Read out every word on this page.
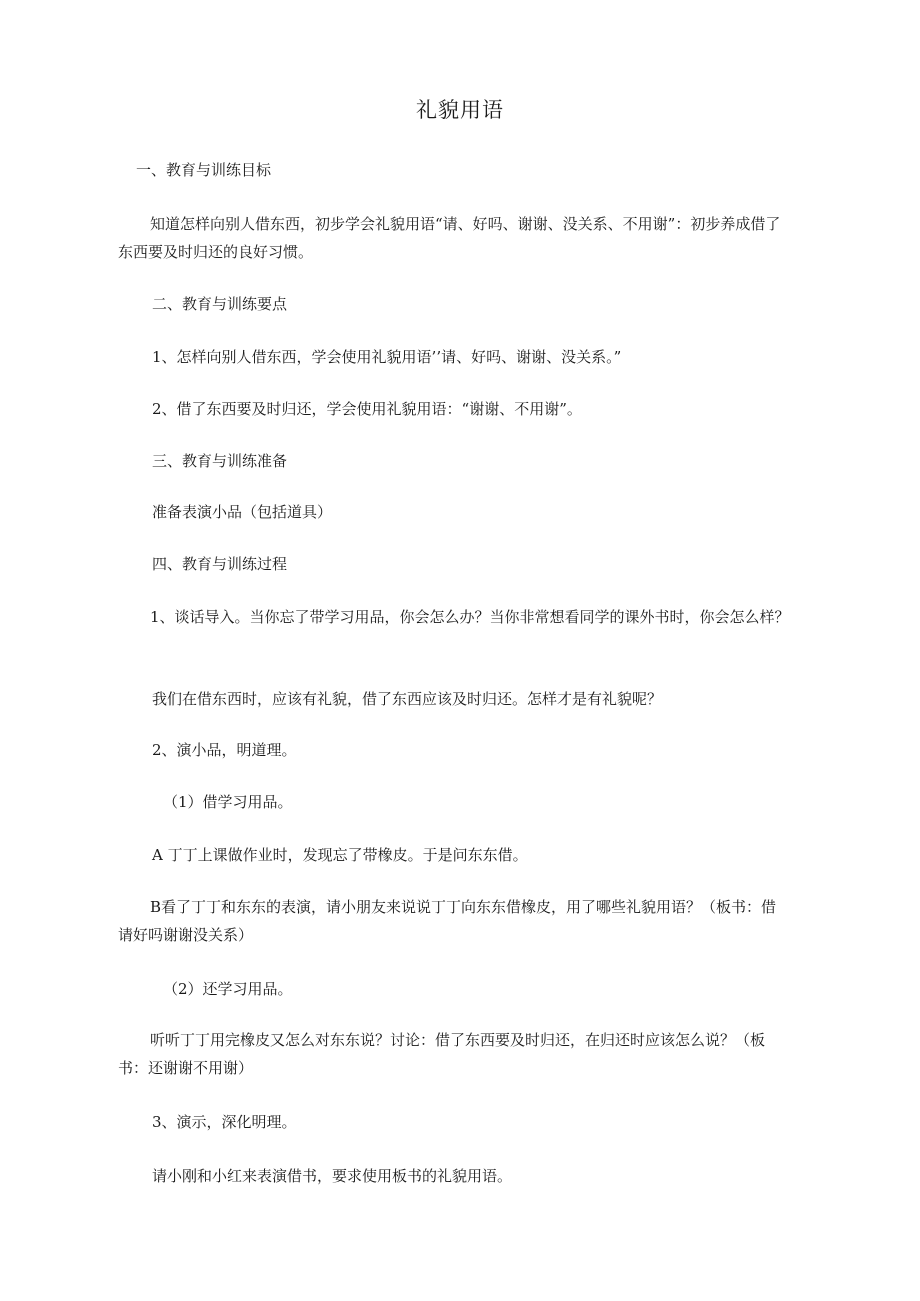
礼貌用语
一、教育与训练目标
知道怎样向别人借东西，初步学会礼貌用语“请、好吗、谢谢、没关系、不用谢”：初步养成借了东西要及时归还的良好习惯。
二、教育与训练要点
1、怎样向别人借东西，学会使用礼貌用语’’请、好吗、谢谢、没关系。”
2、借了东西要及时归还，学会使用礼貌用语：“谢谢、不用谢”。
三、教育与训练准备
准备表演小品（包括道具）
四、教育与训练过程
1、谈话导入。当你忘了带学习用品，你会怎么办？当你非常想看同学的课外书时，你会怎么样？
我们在借东西时，应该有礼貌，借了东西应该及时归还。怎样才是有礼貌呢？
2、演小品，明道理。
（1）借学习用品。
A 丁丁上课做作业时，发现忘了带橡皮。于是问东东借。
B看了丁丁和东东的表演，请小朋友来说说丁丁向东东借橡皮，用了哪些礼貌用语？（板书：借请好吗谢谢没关系）
（2）还学习用品。
听听丁丁用完橡皮又怎么对东东说？讨论：借了东西要及时归还，在归还时应该怎么说？（板书：还谢谢不用谢）
3、演示，深化明理。
请小刚和小红来表演借书，要求使用板书的礼貌用语。
